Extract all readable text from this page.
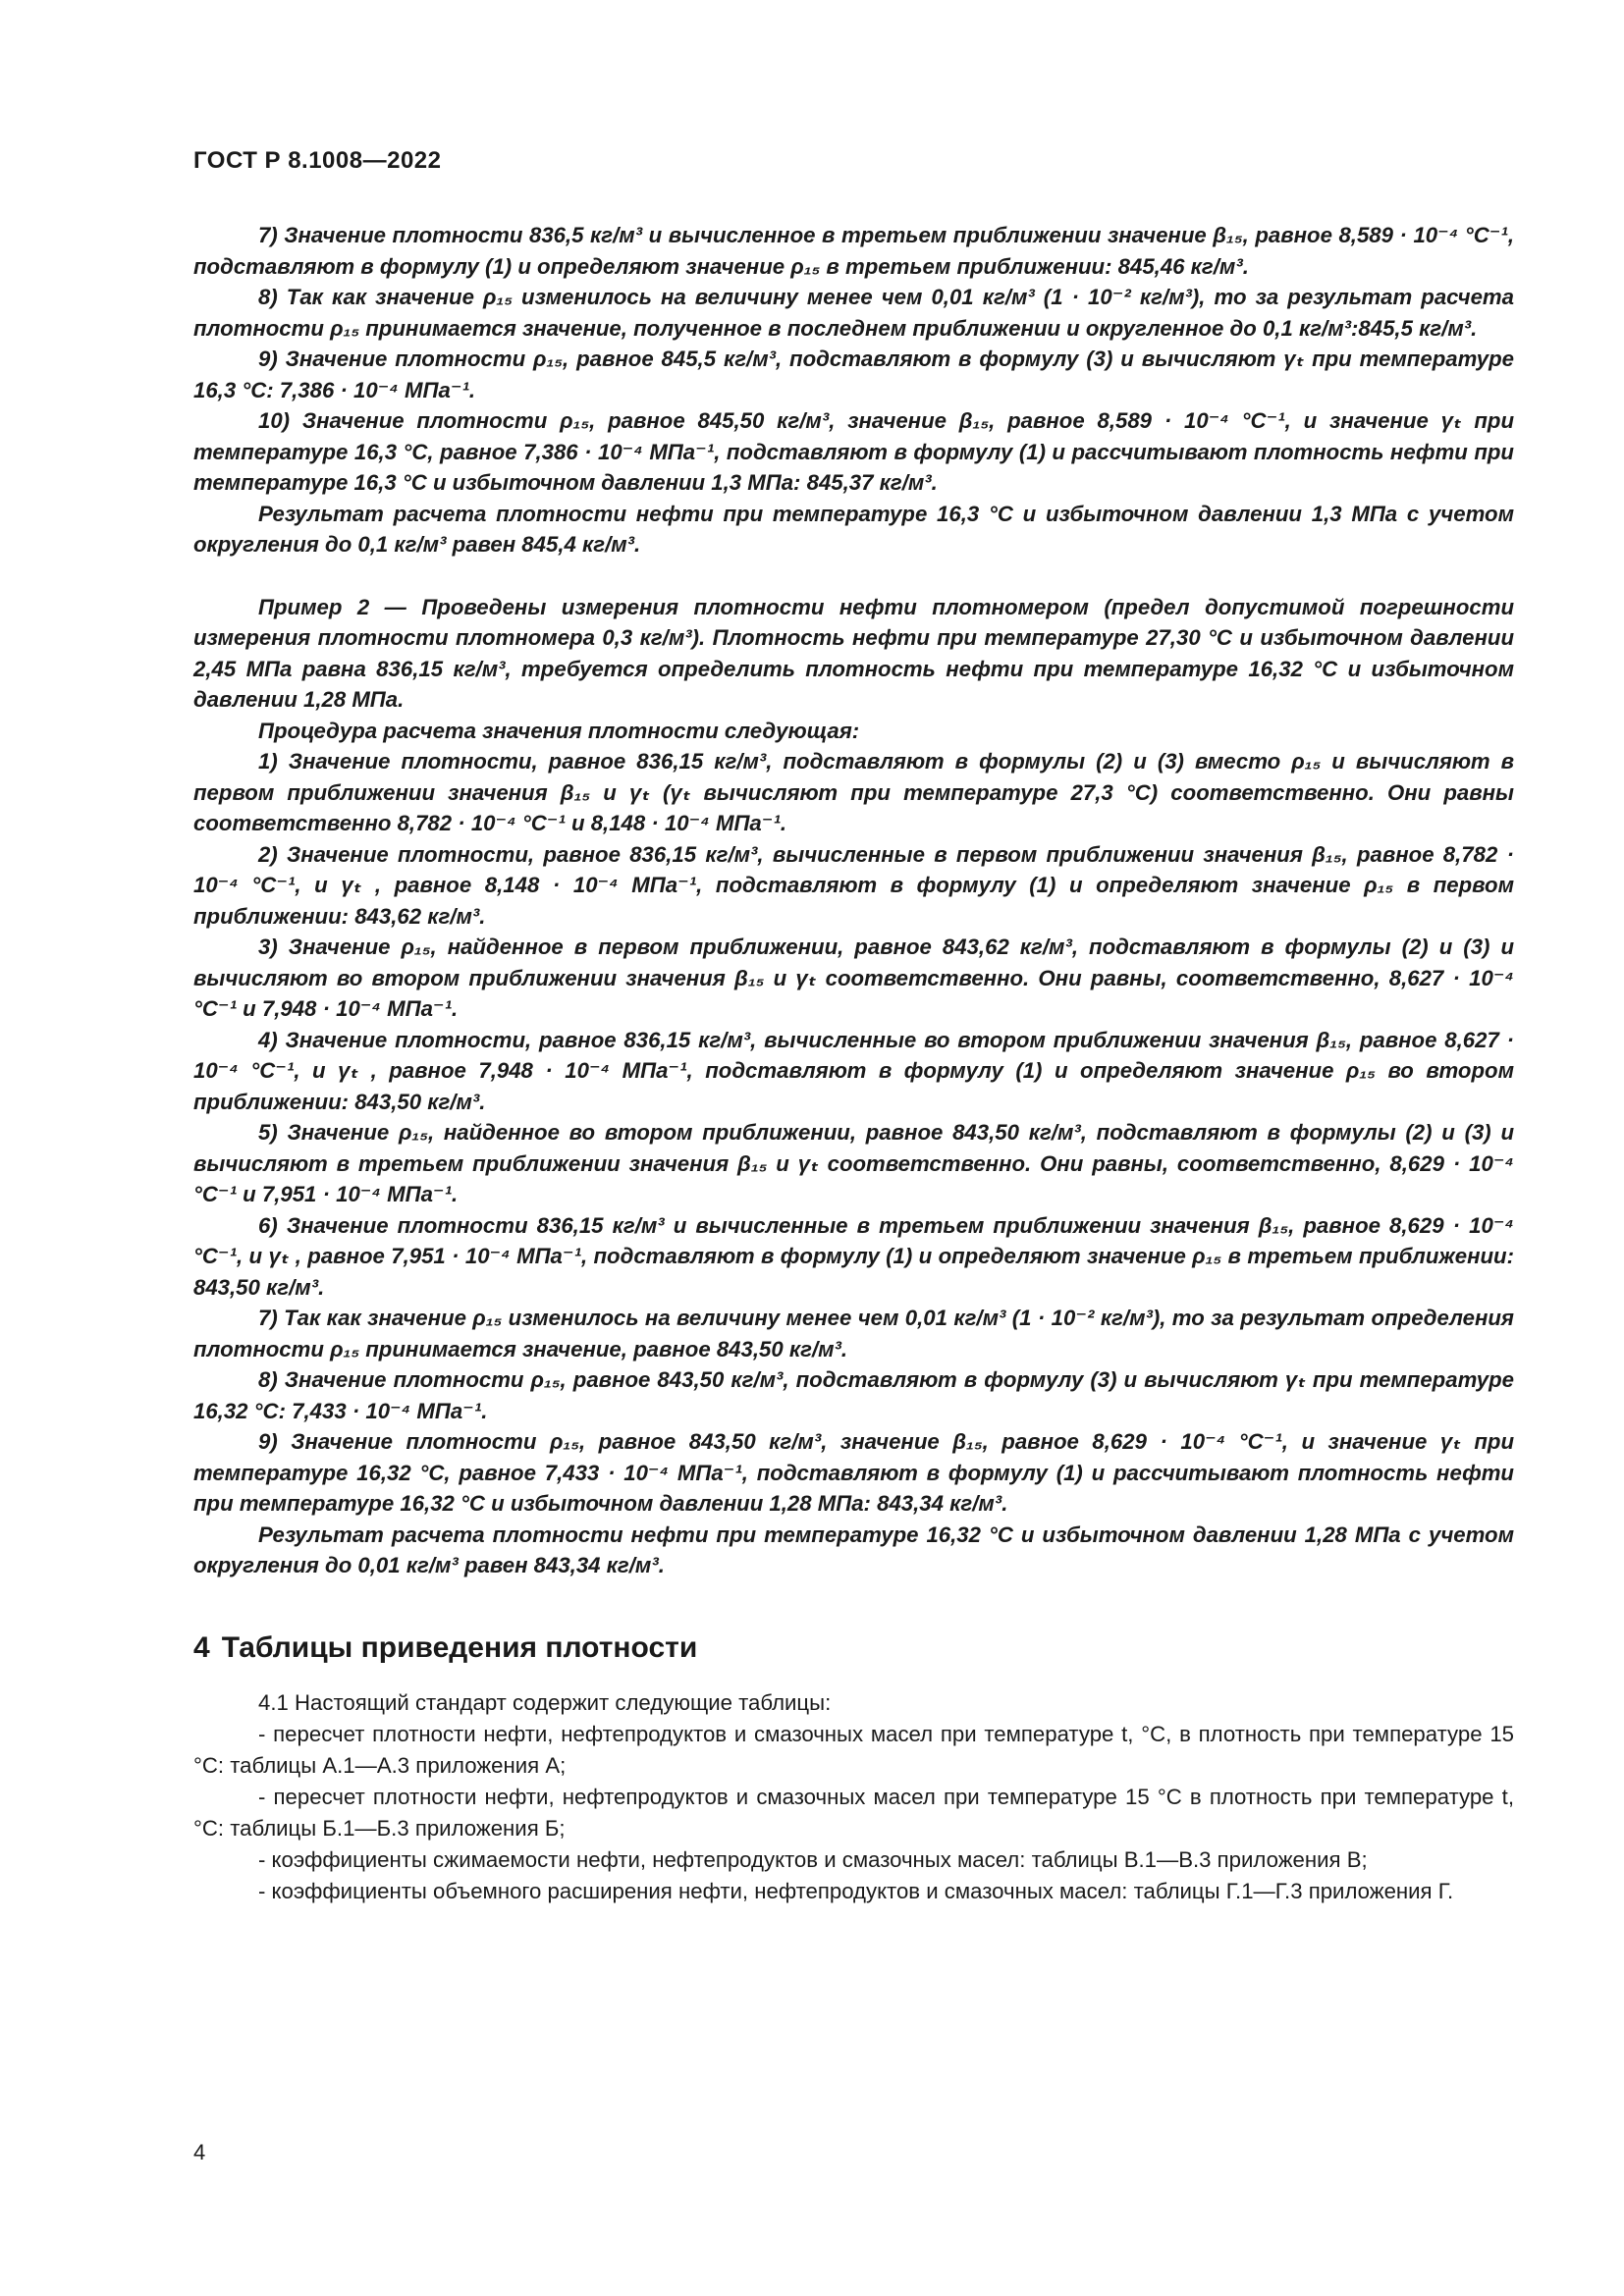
ГОСТ Р 8.1008—2022

7) Значение плотности 836,5 кг/м³ и вычисленное в третьем приближении значение β₁₅, равное 8,589 · 10⁻⁴ °С⁻¹, подставляют в формулу (1) и определяют значение ρ₁₅ в третьем приближении: 845,46 кг/м³.

8) Так как значение ρ₁₅ изменилось на величину менее чем 0,01 кг/м³ (1 · 10⁻² кг/м³), то за результат расчета плотности ρ₁₅ принимается значение, полученное в последнем приближении и округленное до 0,1 кг/м³:845,5 кг/м³.

9) Значение плотности ρ₁₅, равное 845,5 кг/м³, подставляют в формулу (3) и вычисляют γₜ при температуре 16,3 °С: 7,386 · 10⁻⁴ МПа⁻¹.

10) Значение плотности ρ₁₅, равное 845,50 кг/м³, значение β₁₅, равное 8,589 · 10⁻⁴ °С⁻¹, и значение γₜ при температуре 16,3 °С, равное 7,386 · 10⁻⁴ МПа⁻¹, подставляют в формулу (1) и рассчитывают плотность нефти при температуре 16,3 °С и избыточном давлении 1,3 МПа: 845,37 кг/м³.

Результат расчета плотности нефти при температуре 16,3 °С и избыточном давлении 1,3 МПа с учетом округления до 0,1 кг/м³ равен 845,4 кг/м³.

Пример 2 — Проведены измерения плотности нефти плотномером (предел допустимой погрешности измерения плотности плотномера 0,3 кг/м³). Плотность нефти при температуре 27,30 °С и избыточном давлении 2,45 МПа равна 836,15 кг/м³, требуется определить плотность нефти при температуре 16,32 °С и избыточном давлении 1,28 МПа.

Процедура расчета значения плотности следующая:

1) Значение плотности, равное 836,15 кг/м³, подставляют в формулы (2) и (3) вместо ρ₁₅ и вычисляют в первом приближении значения β₁₅ и γₜ (γₜ вычисляют при температуре 27,3 °С) соответственно. Они равны соответственно 8,782 · 10⁻⁴ °С⁻¹ и 8,148 · 10⁻⁴ МПа⁻¹.

2) Значение плотности, равное 836,15 кг/м³, вычисленные в первом приближении значения β₁₅, равное 8,782 · 10⁻⁴ °С⁻¹, и γₜ , равное 8,148 · 10⁻⁴ МПа⁻¹, подставляют в формулу (1) и определяют значение ρ₁₅ в первом приближении: 843,62 кг/м³.

3) Значение ρ₁₅, найденное в первом приближении, равное 843,62 кг/м³, подставляют в формулы (2) и (3) и вычисляют во втором приближении значения β₁₅ и γₜ соответственно. Они равны, соответственно, 8,627 · 10⁻⁴ °С⁻¹ и 7,948 · 10⁻⁴ МПа⁻¹.

4) Значение плотности, равное 836,15 кг/м³, вычисленные во втором приближении значения β₁₅, равное 8,627 · 10⁻⁴ °С⁻¹, и γₜ , равное 7,948 · 10⁻⁴ МПа⁻¹, подставляют в формулу (1) и определяют значение ρ₁₅ во втором приближении: 843,50 кг/м³.

5) Значение ρ₁₅, найденное во втором приближении, равное 843,50 кг/м³, подставляют в формулы (2) и (3) и вычисляют в третьем приближении значения β₁₅ и γₜ соответственно. Они равны, соответственно, 8,629 · 10⁻⁴ °С⁻¹ и 7,951 · 10⁻⁴ МПа⁻¹.

6) Значение плотности 836,15 кг/м³ и вычисленные в третьем приближении значения β₁₅, равное 8,629 · 10⁻⁴ °С⁻¹, и γₜ , равное 7,951 · 10⁻⁴ МПа⁻¹, подставляют в формулу (1) и определяют значение ρ₁₅ в третьем приближении: 843,50 кг/м³.

7) Так как значение ρ₁₅ изменилось на величину менее чем 0,01 кг/м³ (1 · 10⁻² кг/м³), то за результат определения плотности ρ₁₅ принимается значение, равное 843,50 кг/м³.

8) Значение плотности ρ₁₅, равное 843,50 кг/м³, подставляют в формулу (3) и вычисляют γₜ при температуре 16,32 °С: 7,433 · 10⁻⁴ МПа⁻¹.

9) Значение плотности ρ₁₅, равное 843,50 кг/м³, значение β₁₅, равное 8,629 · 10⁻⁴ °С⁻¹, и значение γₜ при температуре 16,32 °С, равное 7,433 · 10⁻⁴ МПа⁻¹, подставляют в формулу (1) и рассчитывают плотность нефти при температуре 16,32 °С и избыточном давлении 1,28 МПа: 843,34 кг/м³.

Результат расчета плотности нефти при температуре 16,32 °С и избыточном давлении 1,28 МПа с учетом округления до 0,01 кг/м³ равен 843,34 кг/м³.

4 Таблицы приведения плотности

4.1 Настоящий стандарт содержит следующие таблицы:

- пересчет плотности нефти, нефтепродуктов и смазочных масел при температуре t, °С, в плотность при температуре 15 °С: таблицы А.1—А.3 приложения А;

- пересчет плотности нефти, нефтепродуктов и смазочных масел при температуре 15 °С в плотность при температуре t, °С: таблицы Б.1—Б.3 приложения Б;

- коэффициенты сжимаемости нефти, нефтепродуктов и смазочных масел: таблицы В.1—В.3 приложения В;

- коэффициенты объемного расширения нефти, нефтепродуктов и смазочных масел: таблицы Г.1—Г.3 приложения Г.

4
